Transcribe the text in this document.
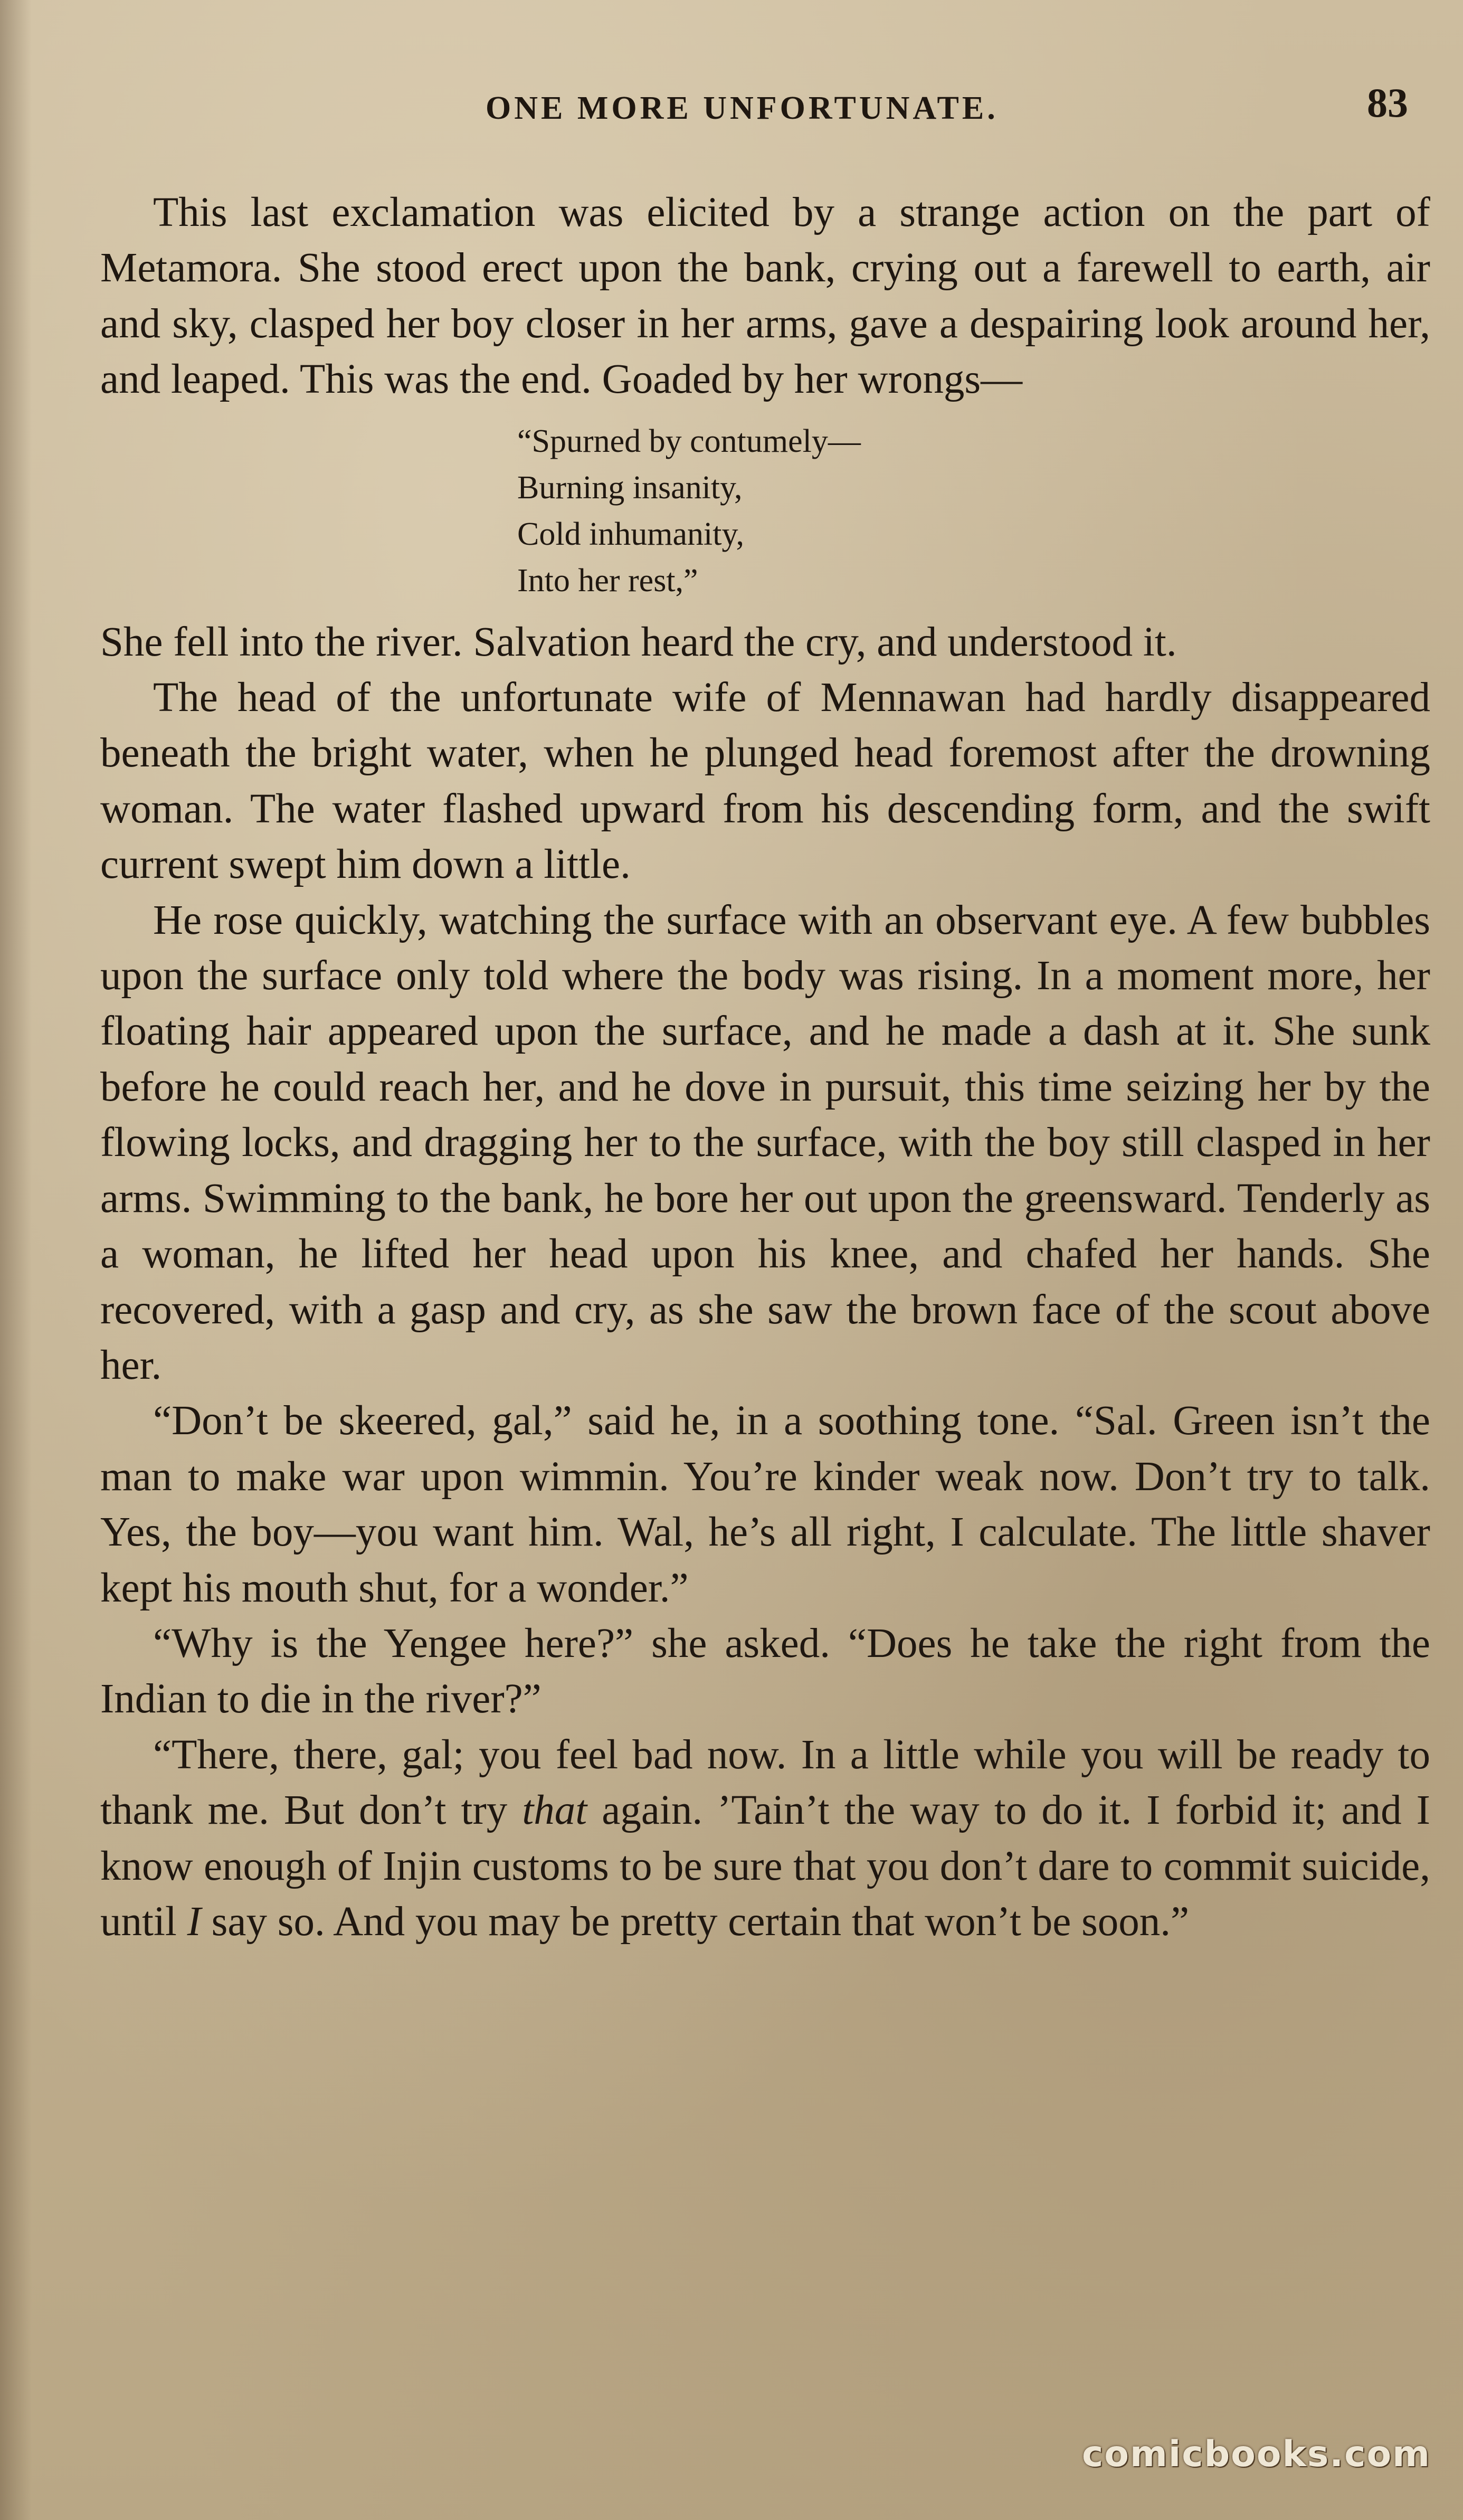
ONE MORE UNFORTUNATE.	83

This last exclamation was elicited by a strange action on the part of Metamora. She stood erect upon the bank, crying out a farewell to earth, air and sky, clasped her boy closer in her arms, gave a despairing look around her, and leaped. This was the end. Goaded by her wrongs—

“Spurned by contumely—
Burning insanity,
Cold inhumanity,
Into her rest,”

She fell into the river. Salvation heard the cry, and understood it.

The head of the unfortunate wife of Mennawan had hardly disappeared beneath the bright water, when he plunged head foremost after the drowning woman. The water flashed upward from his descending form, and the swift current swept him down a little.

He rose quickly, watching the surface with an observant eye. A few bubbles upon the surface only told where the body was rising. In a moment more, her floating hair appeared upon the surface, and he made a dash at it. She sunk before he could reach her, and he dove in pursuit, this time seizing her by the flowing locks, and dragging her to the surface, with the boy still clasped in her arms. Swimming to the bank, he bore her out upon the greensward. Tenderly as a woman, he lifted her head upon his knee, and chafed her hands. She recovered, with a gasp and cry, as she saw the brown face of the scout above her.

“Don’t be skeered, gal,” said he, in a soothing tone. “Sal. Green isn’t the man to make war upon wimmin. You’re kinder weak now. Don’t try to talk. Yes, the boy—you want him. Wal, he’s all right, I calculate. The little shaver kept his mouth shut, for a wonder.”

“Why is the Yengee here?” she asked. “Does he take the right from the Indian to die in the river?”

“There, there, gal; you feel bad now. In a little while you will be ready to thank me. But don’t try that again. ’Tain’t the way to do it. I forbid it; and I know enough of Injin customs to be sure that you don’t dare to commit suicide, until I say so. And you may be pretty certain that won’t be soon.”

comicbooks.com
